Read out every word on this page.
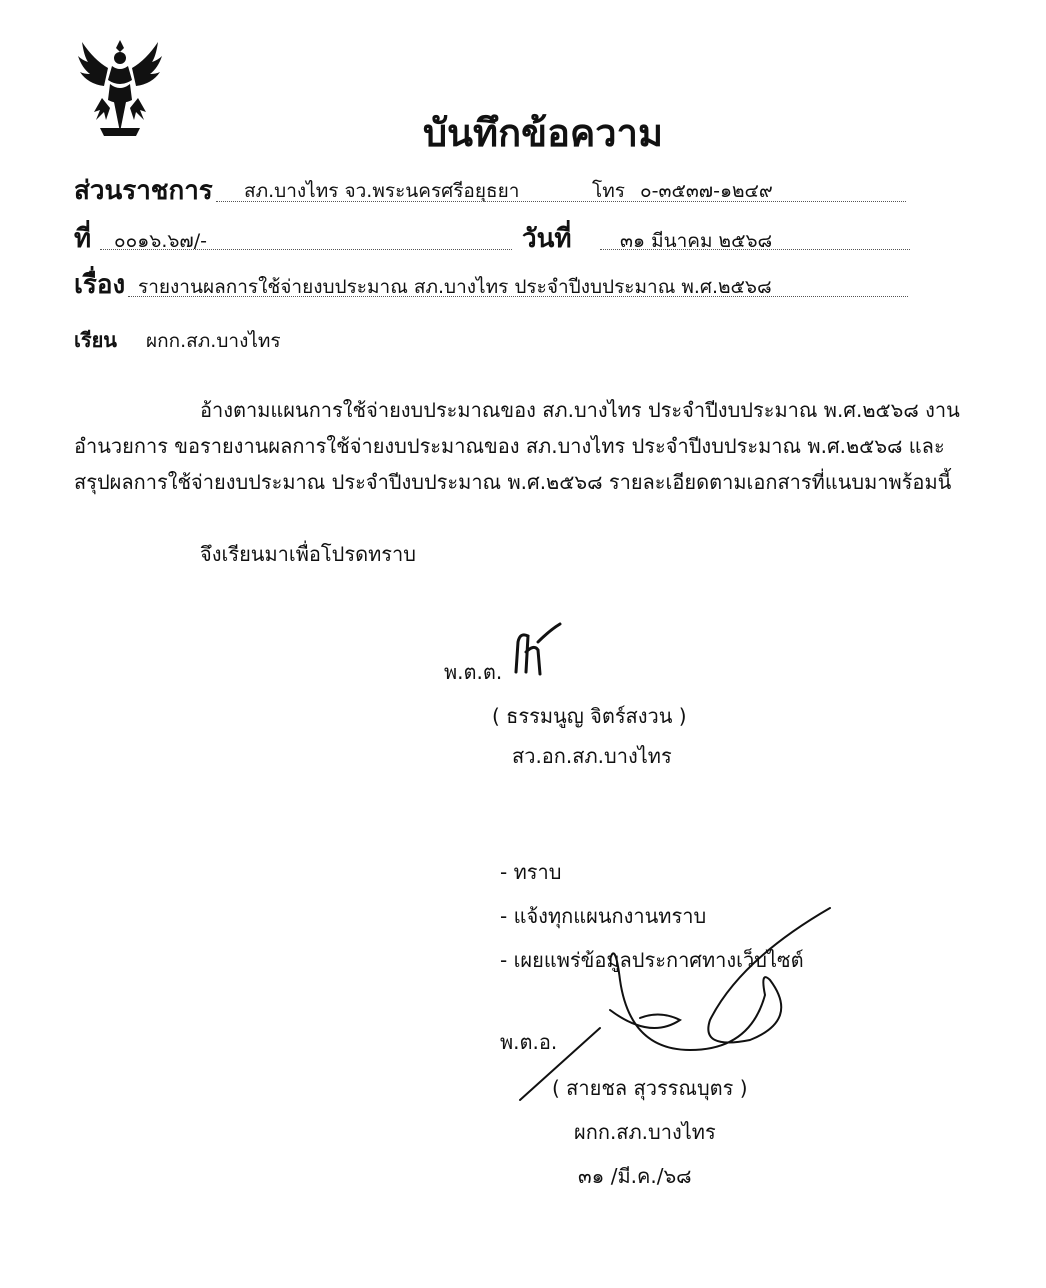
บันทึกข้อความ
ส่วนราชการ สภ.บางไทร จว.พระนครศรีอยุธยา	โทร ๐-๓๕๓๗-๑๒๔๙
ที่ ๐๐๑๖.๖๗/-	วันที่	๓๑ มีนาคม ๒๕๖๘
เรื่อง รายงานผลการใช้จ่ายงบประมาณ สภ.บางไทร ประจำปีงบประมาณ พ.ศ.๒๕๖๘
เรียน ผกก.สภ.บางไทร
อ้างตามแผนการใช้จ่ายงบประมาณของ สภ.บางไทร ประจำปีงบประมาณ พ.ศ.๒๕๖๘ งาน
อำนวยการ ขอรายงานผลการใช้จ่ายงบประมาณของ สภ.บางไทร ประจำปีงบประมาณ พ.ศ.๒๕๖๘ และ
สรุปผลการใช้จ่ายงบประมาณ ประจำปีงบประมาณ พ.ศ.๒๕๖๘ รายละเอียดตามเอกสารที่แนบมาพร้อมนี้
จึงเรียนมาเพื่อโปรดทราบ
พ.ต.ต.
( ธรรมนูญ จิตร์สงวน )
สว.อก.สภ.บางไทร
- ทราบ
- แจ้งทุกแผนกงานทราบ
- เผยแพร่ข้อมูลประกาศทางเว็บไซต์
พ.ต.อ.
( สายชล สุวรรณบุตร )
ผกก.สภ.บางไทร
๓๑ /มี.ค./๖๘
